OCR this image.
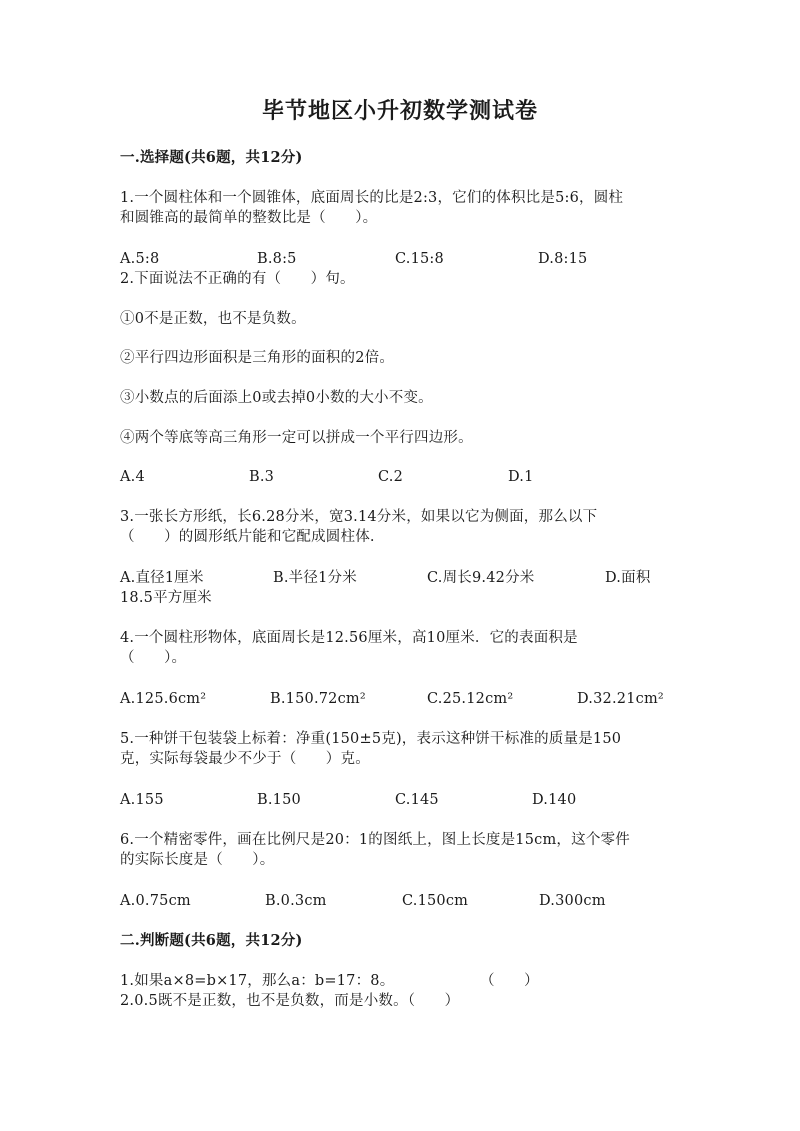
毕节地区小升初数学测试卷
一.选择题(共6题，共12分)
1.一个圆柱体和一个圆锥体，底面周长的比是2:3，它们的体积比是5:6，圆柱
和圆锥高的最简单的整数比是（　　）。
A.5:8	B.8:5	C.15:8	D.8:15
2.下面说法不正确的有（　　）句。
①0不是正数，也不是负数。
②平行四边形面积是三角形的面积的2倍。
③小数点的后面添上0或去掉0小数的大小不变。
④两个等底等高三角形一定可以拼成一个平行四边形。
A.4	B.3	C.2	D.1
3.一张长方形纸，长6.28分米，宽3.14分米，如果以它为侧面，那么以下
（　　）的圆形纸片能和它配成圆柱体.
A.直径1厘米	B.半径1分米	C.周长9.42分米	D.面积
18.5平方厘米
4.一个圆柱形物体，底面周长是12.56厘米，高10厘米．它的表面积是
（　　）。
A.125.6cm²	B.150.72cm²	C.25.12cm²	D.32.21cm²
5.一种饼干包装袋上标着：净重(150±5克)，表示这种饼干标准的质量是150
克，实际每袋最少不少于（　　）克。
A.155	B.150	C.145	D.140
6.一个精密零件，画在比例尺是20：1的图纸上，图上长度是15cm，这个零件
的实际长度是（　　）。
A.0.75cm	B.0.3cm	C.150cm	D.300cm
二.判断题(共6题，共12分)
1.如果a×8=b×17，那么a：b=17：8。	（　　）
2.0.5既不是正数，也不是负数，而是小数。（　　）
